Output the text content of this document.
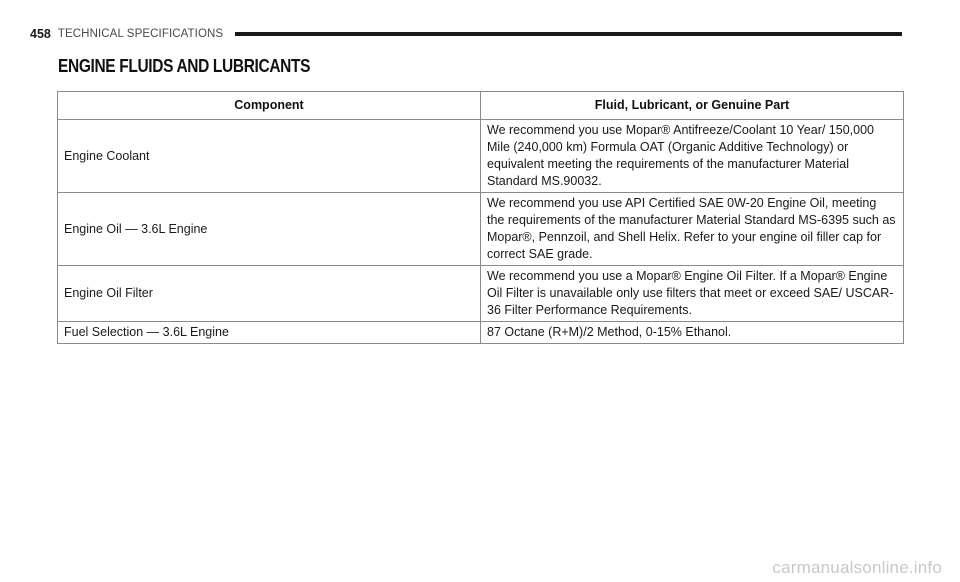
458 TECHNICAL SPECIFICATIONS
ENGINE FLUIDS AND LUBRICANTS
Component	Fluid, Lubricant, or Genuine Part
Engine Coolant	We recommend you use Mopar® Antifreeze/Coolant 10 Year/ 150,000 Mile (240,000 km) Formula OAT (Organic Additive Technology) or equivalent meeting the requirements of the manufacturer Material Standard MS.90032.
Engine Oil — 3.6L Engine	We recommend you use API Certified SAE 0W-20 Engine Oil, meeting the requirements of the manufacturer Material Standard MS-6395 such as Mopar®, Pennzoil, and Shell Helix. Refer to your engine oil filler cap for correct SAE grade.
Engine Oil Filter	We recommend you use a Mopar® Engine Oil Filter. If a Mopar® Engine Oil Filter is unavailable only use filters that meet or exceed SAE/ USCAR-36 Filter Performance Requirements.
Fuel Selection — 3.6L Engine	87 Octane (R+M)/2 Method, 0-15% Ethanol.
carmanualsonline.info
